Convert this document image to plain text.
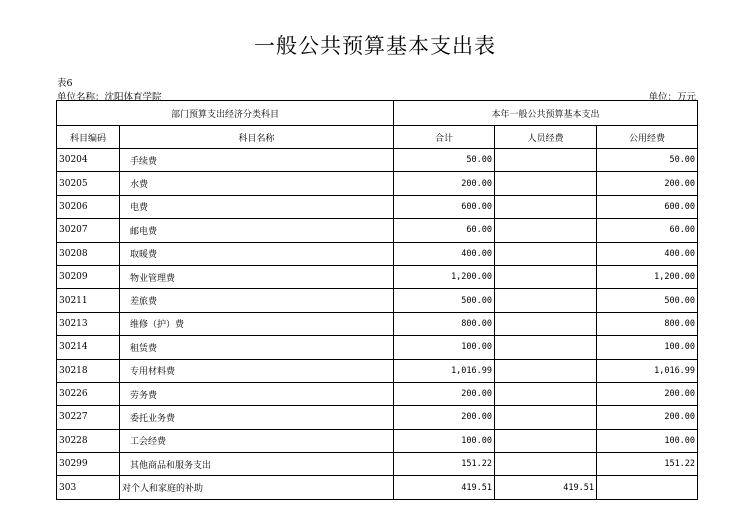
一般公共预算基本支出表
表6
单位名称：沈阳体育学院	单位：万元
部门预算支出经济分类科目		本年一般公共预算基本支出		
科目编码	科目名称	合计	人员经费	公用经费
30204	手续费	50.00		50.00
30205	水费	200.00		200.00
30206	电费	600.00		600.00
30207	邮电费	60.00		60.00
30208	取暖费	400.00		400.00
30209	物业管理费	1,200.00		1,200.00
30211	差旅费	500.00		500.00
30213	维修（护）费	800.00		800.00
30214	租赁费	100.00		100.00
30218	专用材料费	1,016.99		1,016.99
30226	劳务费	200.00		200.00
30227	委托业务费	200.00		200.00
30228	工会经费	100.00		100.00
30299	其他商品和服务支出	151.22		151.22
303	对个人和家庭的补助	419.51	419.51	
